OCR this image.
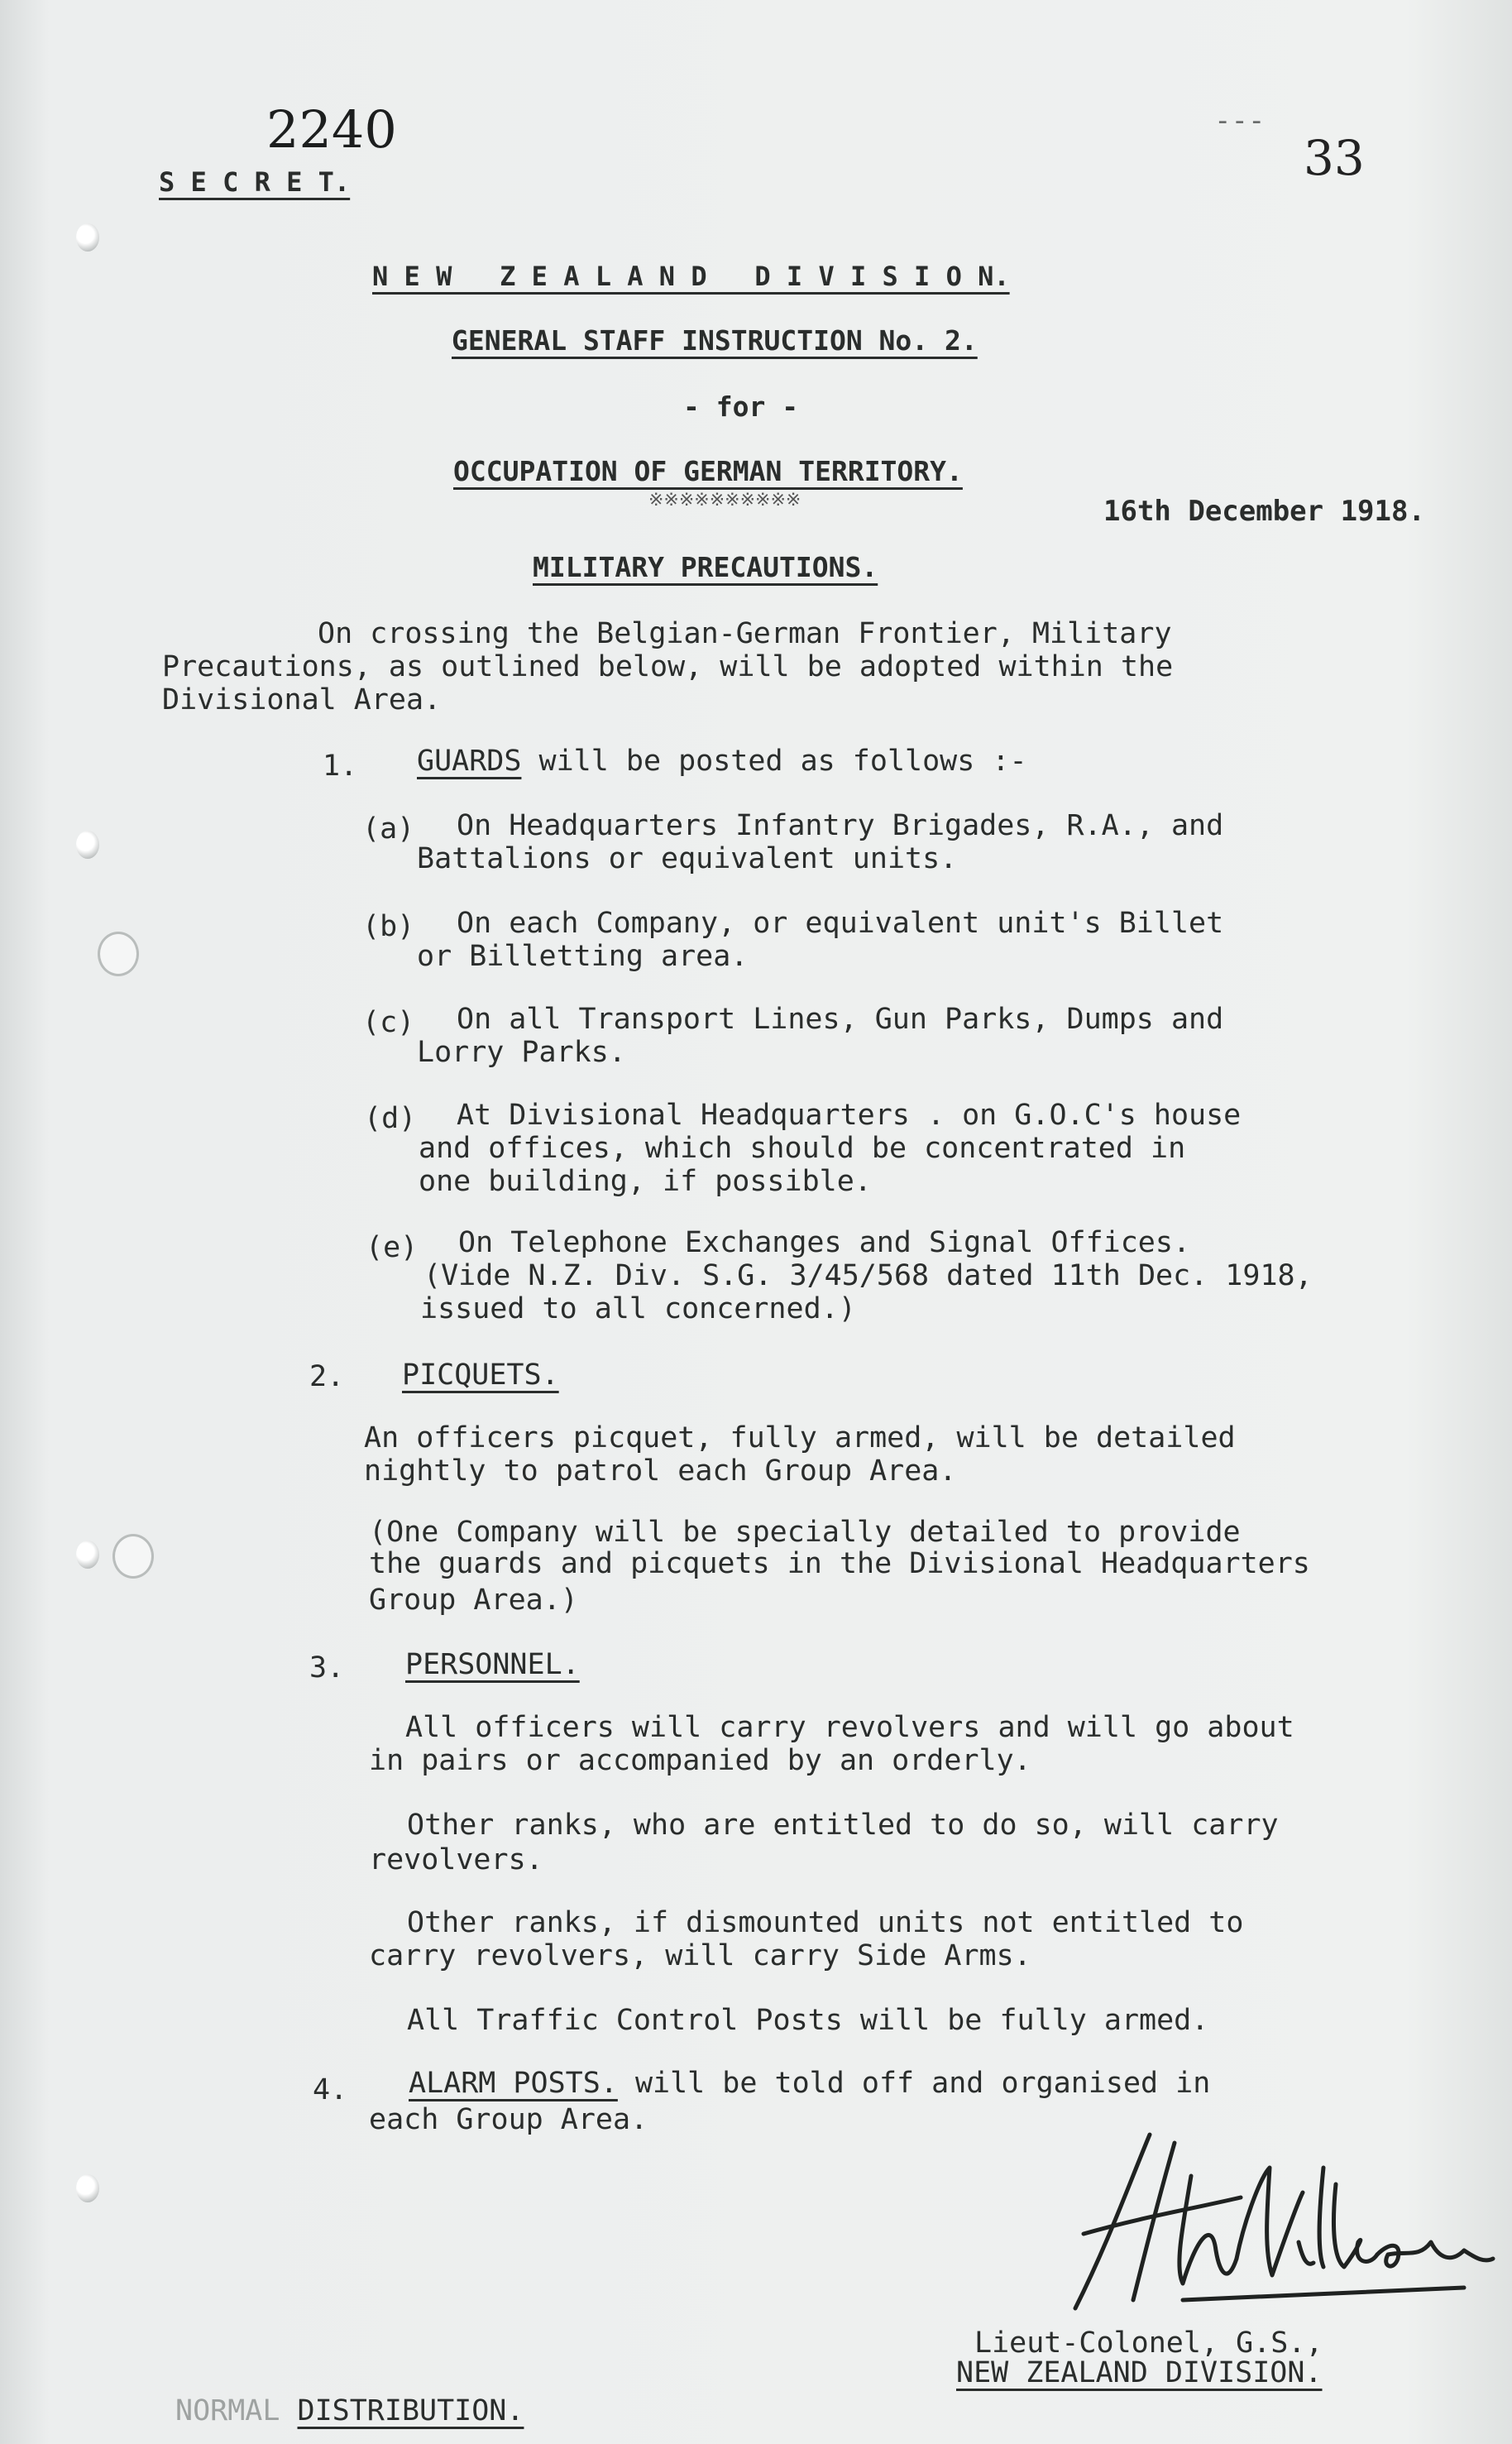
2240
S E C R E T.
---
33
N E W   Z E A L A N D   D I V I S I O N.
GENERAL STAFF INSTRUCTION No. 2.
- for -
OCCUPATION OF GERMAN TERRITORY.
※※※※※※※※※※	16th December 1918.
MILITARY PRECAUTIONS.
On crossing the Belgian-German Frontier, Military
Precautions, as outlined below, will be adopted within the
Divisional Area.
1. GUARDS will be posted as follows :-
(a) On Headquarters Infantry Brigades, R.A., and
Battalions or equivalent units.
(b) On each Company, or equivalent unit's Billet
or Billetting area.
(c) On all Transport Lines, Gun Parks, Dumps and
Lorry Parks.
(d) At Divisional Headquarters . on G.O.C's house
and offices, which should be concentrated in
one building, if possible.
(e) On Telephone Exchanges and Signal Offices.
(Vide N.Z. Div. S.G. 3/45/568 dated 11th Dec. 1918,
issued to all concerned.)
2. PICQUETS.
An officers picquet, fully armed, will be detailed
nightly to patrol each Group Area.
(One Company will be specially detailed to provide
the guards and picquets in the Divisional Headquarters
Group Area.)
3. PERSONNEL.
All officers will carry revolvers and will go about
in pairs or accompanied by an orderly.
Other ranks, who are entitled to do so, will carry
revolvers.
Other ranks, if dismounted units not entitled to
carry revolvers, will carry Side Arms.
All Traffic Control Posts will be fully armed.
4. ALARM POSTS. will be told off and organised in
each Group Area.
Lieut-Colonel, G.S.,
NEW ZEALAND DIVISION.
NORMAL DISTRIBUTION.
